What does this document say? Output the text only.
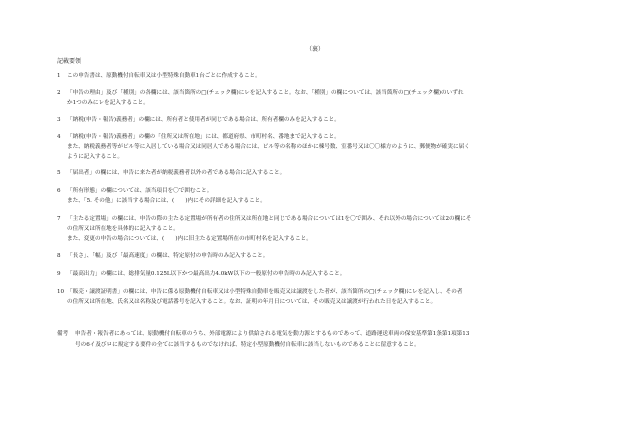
（裏）
記載要領
1 この申告書は、原動機付自転車又は小型特殊自動車1台ごとに作成すること。
2 「申告の理由」及び「種別」の各欄には、該当箇所の□(チェック欄)にレを記入すること。なお、「種別」の欄については、該当箇所の□(チェック欄)のいずれ
か1つのみにレを記入すること。
3 「納税(申告・報告)義務者」の欄には、所有者と使用者が同じである場合は、所有者欄のみを記入すること。
4 「納税(申告・報告)義務者」の欄の「住所又は所在地」には、都道府県、市町村名、番地まで記入すること。
また、納税義務者等がビル等に入居している場合又は同居人である場合には、ビル等の名称のほかに棟号数、室番号又は〇〇様方のように、郵便物が確実に届く
ように記入すること。
5 「届出者」の欄には、申告に来た者が納税義務者以外の者である場合に記入すること。
6 「所有形態」の欄については、該当項目を〇で囲むこと。
また、「5. その他」に該当する場合には、(　　)内にその詳細を記入すること。
7 「主たる定置場」の欄には、申告の際の主たる定置場が所有者の住所又は所在地と同じである場合については1を〇で囲み、それ以外の場合については2の欄にそ
の住所又は所在地を具体的に記入すること。
また、変更の申告の場合については、(　　)内に旧主たる定置場所在の市町村名を記入すること。
8 「長さ」、「幅」及び「最高速度」の欄は、特定原付の申告時のみ記入すること。
9 「最高出力」の欄には、総排気量0.125L以下かつ最高出力4.0kW以下の一般原付の申告時のみ記入すること。
10 「販売・譲渡証明書」の欄には、申告に係る原動機付自転車又は小型特殊自動車を販売又は譲渡をした者が、該当箇所の□(チェック欄)にレを記入し、その者
の住所又は所在地、氏名又は名称及び電話番号を記入すること。なお、証明の年月日については、その販売又は譲渡が行われた日を記入すること。
備考 申告者・報告者にあっては、原動機付自転車のうち、外部電源により供給される電気を動力源とするものであって、道路運送車両の保安基準第1条第1項第13
号の6イ及びロに規定する要件の全てに該当するものでなければ、特定小型原動機付自転車に該当しないものであることに留意すること。
